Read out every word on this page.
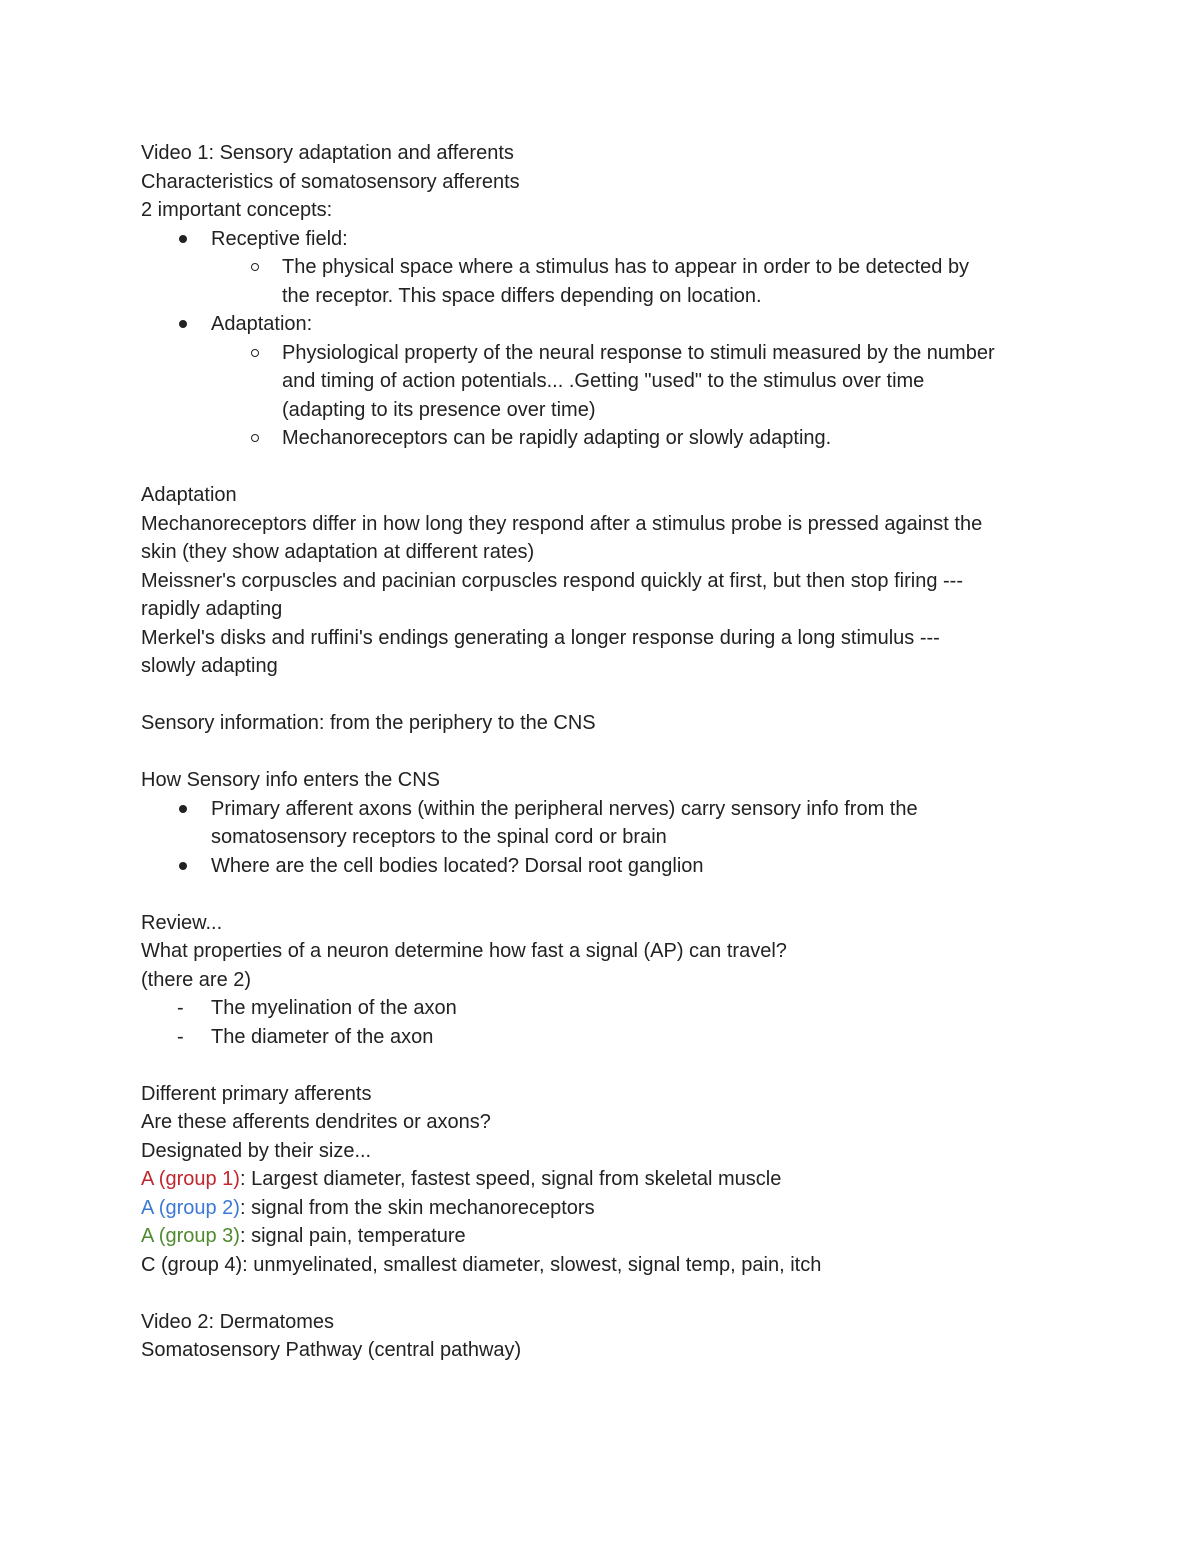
Video 1: Sensory adaptation and afferents
Characteristics of somatosensory afferents
2 important concepts:
Receptive field:
The physical space where a stimulus has to appear in order to be detected by
the receptor. This space differs depending on location.
Adaptation:
Physiological property of the neural response to stimuli measured by the number
and timing of action potentials... .Getting "used" to the stimulus over time
(adapting to its presence over time)
Mechanoreceptors can be rapidly adapting or slowly adapting.
Adaptation
Mechanoreceptors differ in how long they respond after a stimulus probe is pressed against the
skin (they show adaptation at different rates)
Meissner's corpuscles and pacinian corpuscles respond quickly at first, but then stop firing ---
rapidly adapting
Merkel's disks and ruffini's endings generating a longer response during a long stimulus ---
slowly adapting
Sensory information: from the periphery to the CNS
How Sensory info enters the CNS
Primary afferent axons (within the peripheral nerves) carry sensory info from the
somatosensory receptors to the spinal cord or brain
Where are the cell bodies located? Dorsal root ganglion
Review...
What properties of a neuron determine how fast a signal (AP) can travel?
(there are 2)
- The myelination of the axon
- The diameter of the axon
Different primary afferents
Are these afferents dendrites or axons?
Designated by their size...
A (group 1): Largest diameter, fastest speed, signal from skeletal muscle
A (group 2): signal from the skin mechanoreceptors
A (group 3): signal pain, temperature
C (group 4): unmyelinated, smallest diameter, slowest, signal temp, pain, itch
Video 2: Dermatomes
Somatosensory Pathway (central pathway)
